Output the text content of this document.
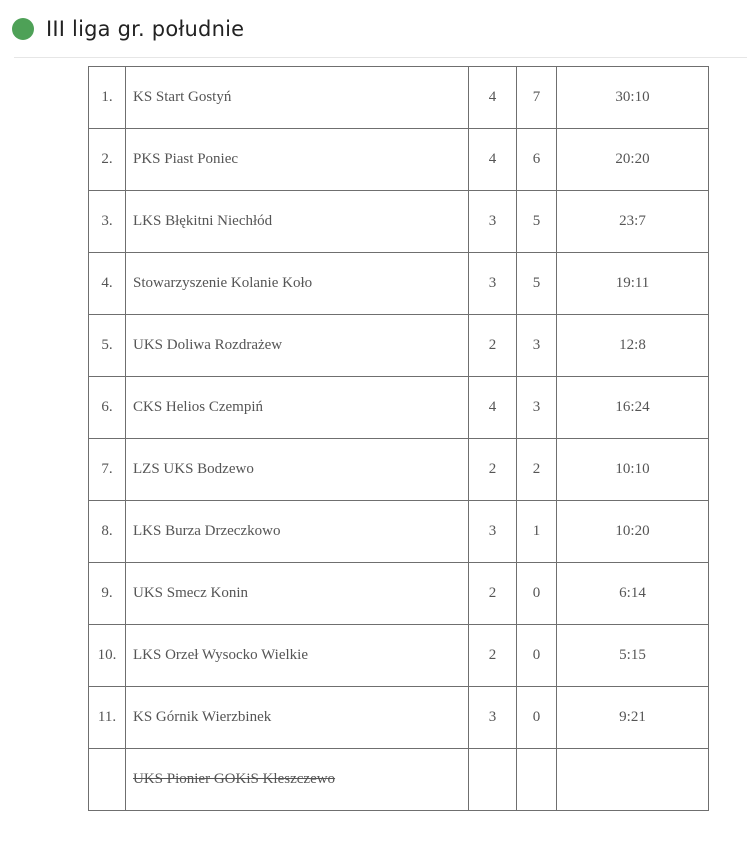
III liga gr. południe
1.	KS Start Gostyń	4	7	30:10
2.	PKS Piast Poniec	4	6	20:20
3.	LKS Błękitni Niechłód	3	5	23:7
4.	Stowarzyszenie Kolanie Koło	3	5	19:11
5.	UKS Doliwa Rozdrażew	2	3	12:8
6.	CKS Helios Czempiń	4	3	16:24
7.	LZS UKS Bodzewo	2	2	10:10
8.	LKS Burza Drzeczkowo	3	1	10:20
9.	UKS Smecz Konin	2	0	6:14
10.	LKS Orzeł Wysocko Wielkie	2	0	5:15
11.	KS Górnik Wierzbinek	3	0	9:21
	UKS Pionier GOKiS Kleszczewo			
